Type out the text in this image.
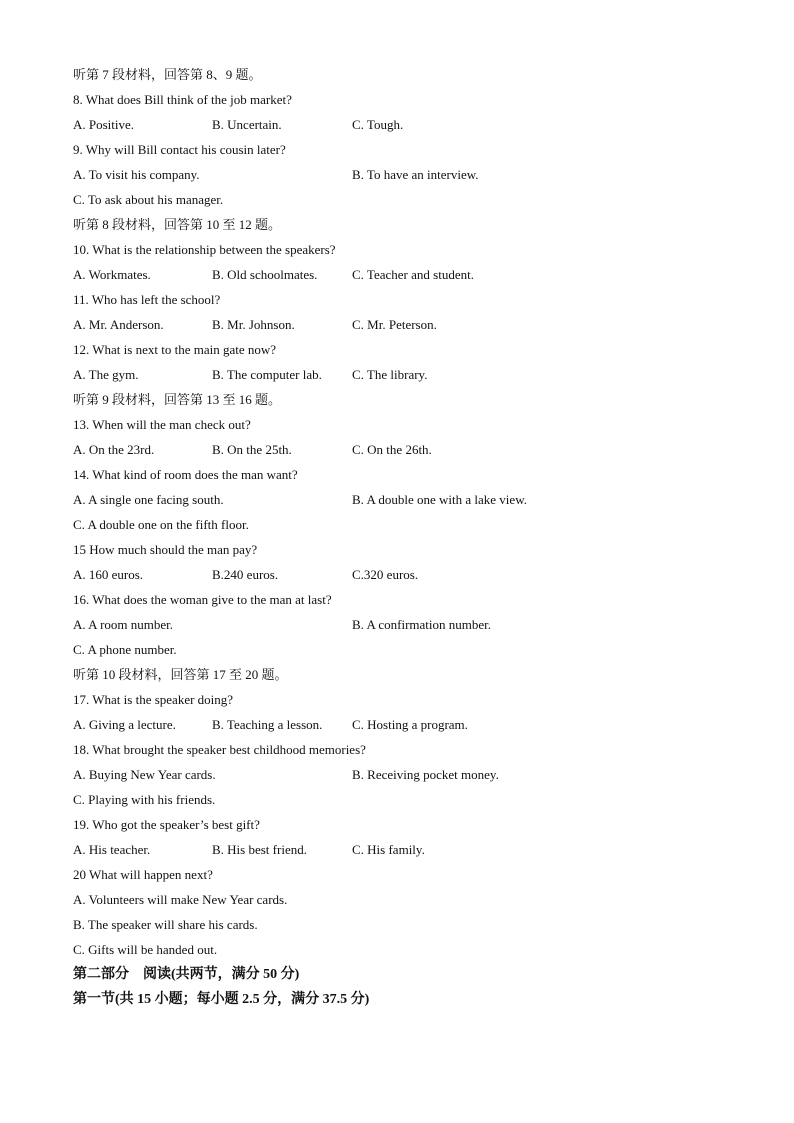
听第 7 段材料，回答第 8、9 题。
8. What does Bill think of the job market?
A. Positive.	B. Uncertain.	C. Tough.
9. Why will Bill contact his cousin later?
A. To visit his company.	B. To have an interview.
C. To ask about his manager.
听第 8 段材料，回答第 10 至 12 题。
10. What is the relationship between the speakers?
A. Workmates.	B. Old schoolmates.	C. Teacher and student.
11. Who has left the school?
A. Mr. Anderson.	B. Mr. Johnson.	C. Mr. Peterson.
12. What is next to the main gate now?
A. The gym.	B. The computer lab. C. The library.
听第 9 段材料，回答第 13 至 16 题。
13. When will the man check out?
A. On the 23rd.	B. On the 25th.	C. On the 26th.
14. What kind of room does the man want?
A. A single one facing south.	B. A double one with a lake view.
C. A double one on the fifth floor.
15 How much should the man pay?
A. 160 euros.	B.240 euros.	C.320 euros.
16. What does the woman give to the man at last?
A. A room number.	B. A confirmation number.
C. A phone number.
听第 10 段材料，回答第 17 至 20 题。
17. What is the speaker doing?
A. Giving a lecture.	B. Teaching a lesson. C. Hosting a program.
18. What brought the speaker best childhood memories?
A. Buying New Year cards.	B. Receiving pocket money.
C. Playing with his friends.
19. Who got the speaker’s best gift?
A. His teacher.	B. His best friend.	C. His family.
20 What will happen next?
A. Volunteers will make New Year cards.
B. The speaker will share his cards.
C. Gifts will be handed out.
第二部分　阅读(共两节，满分 50 分)
第一节(共 15 小题；每小题 2.5 分，满分 37.5 分)
